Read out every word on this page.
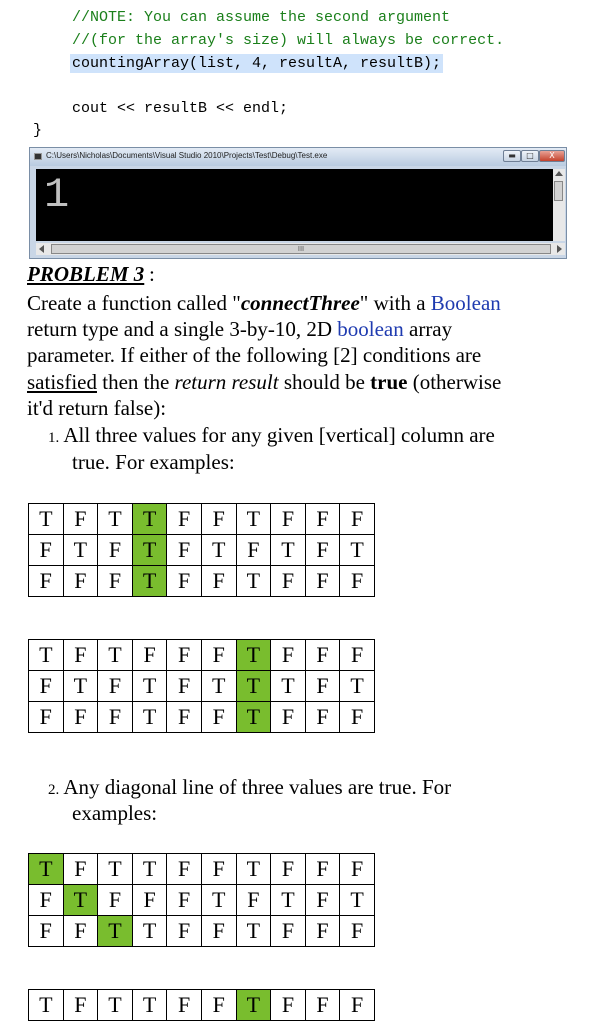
//NOTE: You can assume the second argument
//(for the array's size) will always be correct.
countingArray(list, 4, resultA, resultB);
cout << resultB << endl;
}
C:\Users\Nicholas\Documents\Visual Studio 2010\Projects\Test\Debug\Test.exe	▬	□	X
1
III
PROBLEM 3 :
Create a function called "connectThree" with a Boolean
return type and a single 3-by-10, 2D boolean array
parameter. If either of the following [2] conditions are
satisfied then the return result should be true (otherwise
it'd return false):
1. All three values for any given [vertical] column are
true. For examples:
T	F	T	T	F	F	T	F	F	F
F	T	F	T	F	T	F	T	F	T
F	F	F	T	F	F	T	F	F	F
T	F	T	F	F	F	T	F	F	F
F	T	F	T	F	T	T	T	F	T
F	F	F	T	F	F	T	F	F	F
2. Any diagonal line of three values are true. For
examples:
T	F	T	T	F	F	T	F	F	F
F	T	F	F	F	T	F	T	F	T
F	F	T	T	F	F	T	F	F	F
T	F	T	T	F	F	T	F	F	F
